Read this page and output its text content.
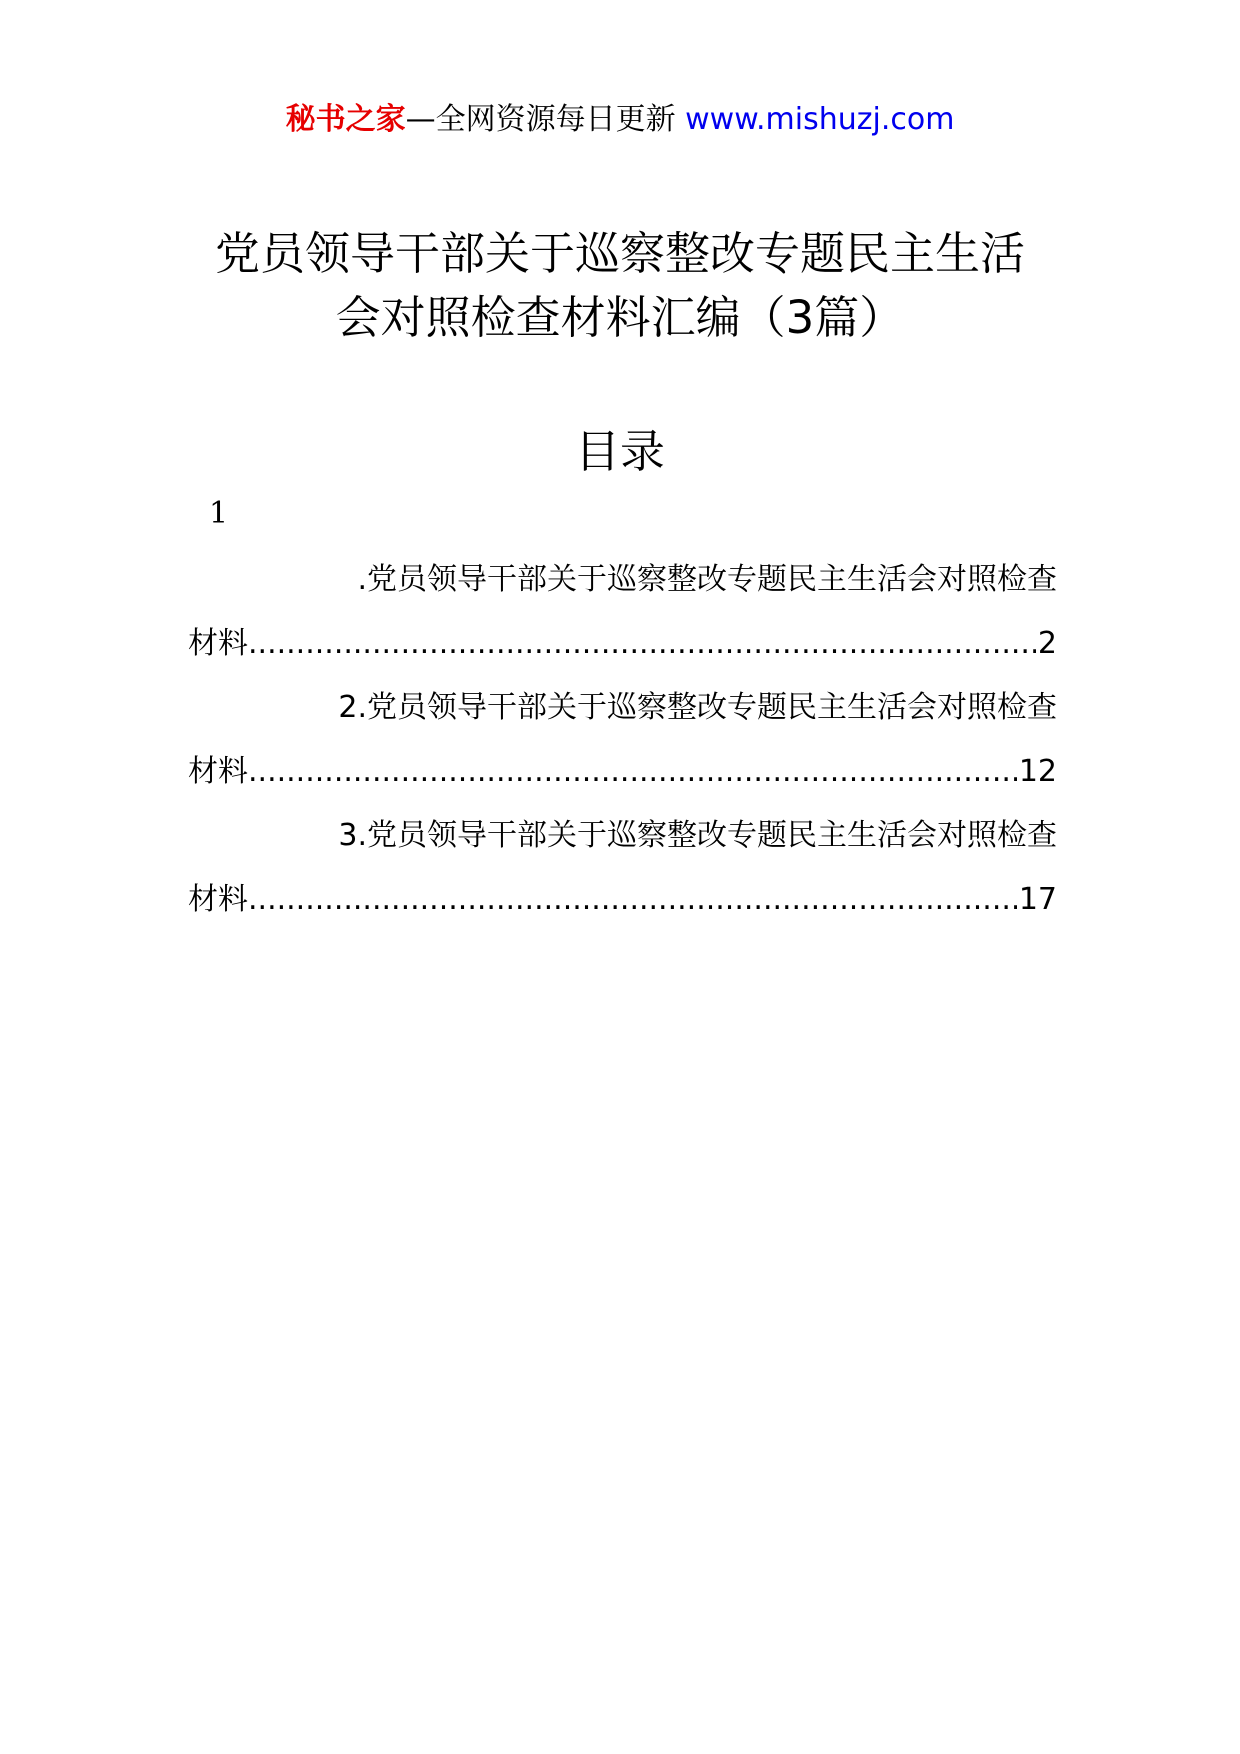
秘书之家—全网资源每日更新 www.mishuzj.com
党员领导干部关于巡察整改专题民主生活
会对照检查材料汇编（3篇）
目录
1
.党员领导干部关于巡察整改专题民主生活会对照检查
材料 .....	2
2.党员领导干部关于巡察整改专题民主生活会对照检查
材料 .....	12
3.党员领导干部关于巡察整改专题民主生活会对照检查
材料 .....	17
